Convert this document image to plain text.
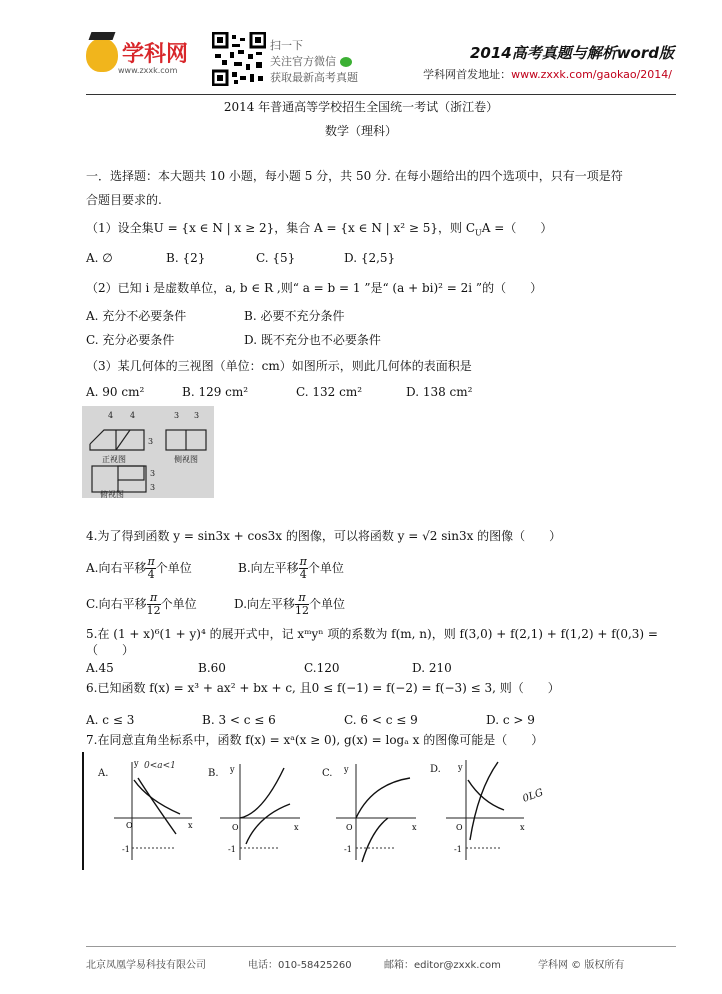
学科网
www.zxxk.com
扫一下
关注官方微信
获取最新高考真题
2014高考真题与解析word版
学科网首发地址：www.zxxk.com/gaokao/2014/
2014 年普通高等学校招生全国统一考试（浙江卷）
数学（理科）
一．选择题：本大题共 10 小题，每小题 5 分，共 50 分. 在每小题给出的四个选项中，只有一项是符
合题目要求的.
（1）设全集U = {x ∈ N | x ≥ 2}，集合 A = {x ∈ N | x² ≥ 5}，则 $C_UA$ =（　　）
A. ∅	B. {2}	C. {5}	D. {2,5}
（2）已知 i 是虚数单位，a, b ∈ R ,则“ a = b = 1 ”是“ (a + bi)² = 2i ”的（　　）
A. 充分不必要条件	B. 必要不充分条件
C. 充分必要条件	D. 既不充分也不必要条件
（3）某几何体的三视图（单位：cm）如图所示，则此几何体的表面积是
A. 90 cm²	B. 129 cm²	C. 132 cm²	D. 138 cm²
4 4	3 3
3
3
3
正视图	侧视图
俯视图
4.为了得到函数 y = sin3x + cos3x 的图像，可以将函数 y = √2 sin3x 的图像（　　）
A.向右平移 $\frac{\pi}{4}$ 个单位	B.向左平移 $\frac{\pi}{4}$ 个单位
C.向右平移 $\frac{\pi}{12}$ 个单位	D.向左平移 $\frac{\pi}{12}$ 个单位
5.在 (1 + x)⁶(1 + y)⁴ 的展开式中，记 xᵐyⁿ 项的系数为 f(m, n)，则 f(3,0) + f(2,1) + f(1,2) + f(0,3) =
（　　）
A.45	B.60	C.120	D. 210
6.已知函数 f(x) = x³ + ax² + bx + c, 且0 ≤ f(−1) = f(−2) = f(−3) ≤ 3, 则（　　）
A. c ≤ 3	B. 3 < c ≤ 6	C. 6 < c ≤ 9	D. c > 9
7.在同意直角坐标系中，函数 f(x) = xᵃ(x ≥ 0), g(x) = logₐ x 的图像可能是（　　）
A.
0<a<1
y
x
O
-1
B. y
x
O
-1
C. y
x
O
-1
D. y
x
O
-1
0LG
北京凤凰学易科技有限公司	电话：010-58425260	邮箱：editor@zxxk.com	学科网 © 版权所有
